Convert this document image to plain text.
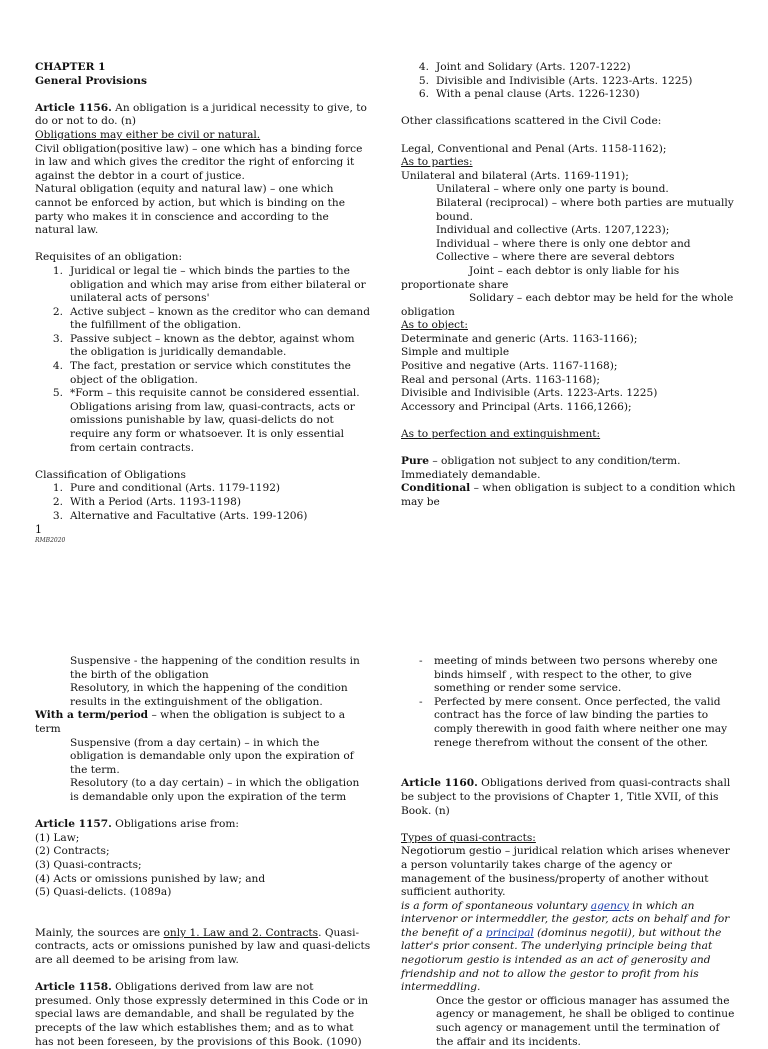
CHAPTER 1

General Provisions

Article 1156. An obligation is a juridical necessity to give, to do or not to do. (n)

Obligations may either be civil or natural.

Civil obligation(positive law) – one which has a binding force in law and which gives the creditor the right of enforcing it against the debtor in a court of justice.

Natural obligation (equity and natural law) – one which cannot be enforced by action, but which is binding on the party who makes it in conscience and according to the natural law.

Requisites of an obligation:

1. Juridical or legal tie – which binds the parties to the obligation and which may arise from either bilateral or unilateral acts of persons'
2. Active subject – known as the creditor who can demand the fulfillment of the obligation.
3. Passive subject – known as the debtor, against whom the obligation is juridically demandable.
4. The fact, prestation or service which constitutes the object of the obligation.
5. *Form – this requisite cannot be considered essential. Obligations arising from law, quasi-contracts, acts or omissions punishable by law, quasi-delicts do not require any form or whatsoever. It is only essential from certain contracts.

Classification of Obligations

1. Pure and conditional (Arts. 1179-1192)
2. With a Period (Arts. 1193-1198)
3. Alternative and Facultative (Arts. 199-1206)
4. Joint and Solidary (Arts. 1207-1222)
5. Divisible and Indivisible (Arts. 1223-Arts. 1225)
6. With a penal clause (Arts. 1226-1230)

Other classifications scattered in the Civil Code:

Legal, Conventional and Penal (Arts. 1158-1162);

As to parties:

Unilateral and bilateral (Arts. 1169-1191);

Unilateral – where only one party is bound.

Bilateral (reciprocal) – where both parties are mutually bound.

Individual and collective (Arts. 1207,1223);

Individual – where there is only one debtor and

Collective – where there are several debtors

Joint – each debtor is only liable for his proportionate share

Solidary – each debtor may be held for the whole obligation

As to object:

Determinate and generic (Arts. 1163-1166);

Simple and multiple

Positive and negative (Arts. 1167-1168);

Real and personal (Arts. 1163-1168);

Divisible and Indivisible (Arts. 1223-Arts. 1225)

Accessory and Principal (Arts. 1166,1266);

As to perfection and extinguishment:

Pure – obligation not subject to any condition/term. Immediately demandable.

Conditional – when obligation is subject to a condition which may be

1
RMB2020

Suspensive - the happening of the condition results in the birth of the obligation

Resolutory, in which the happening of the condition results in the extinguishment of the obligation.

With a term/period – when the obligation is subject to a term

Suspensive (from a day certain) – in which the obligation is demandable only upon the expiration of the term.

Resolutory (to a day certain) – in which the obligation is demandable only upon the expiration of the term

Article 1157. Obligations arise from:

(1) Law;

(2) Contracts;

(3) Quasi-contracts;

(4) Acts or omissions punished by law; and

(5) Quasi-delicts. (1089a)

Mainly, the sources are only 1. Law and 2. Contracts. Quasi-contracts, acts or omissions punished by law and quasi-delicts are all deemed to be arising from law.

Article 1158. Obligations derived from law are not presumed. Only those expressly determined in this Code or in special laws are demandable, and shall be regulated by the precepts of the law which establishes them; and as to what has not been foreseen, by the provisions of this Book. (1090)

-	meeting of minds between two persons whereby one binds himself , with respect to the other, to give something or render some service.
-	Perfected by mere consent. Once perfected, the valid contract has the force of law binding the parties to comply therewith in good faith where neither one may renege therefrom without the consent of the other.

Article 1160. Obligations derived from quasi-contracts shall be subject to the provisions of Chapter 1, Title XVII, of this Book. (n)

Types of quasi-contracts:

Negotiorum gestio – juridical relation which arises whenever a person voluntarily takes charge of the agency or management of the business/property of another without sufficient authority.

is a form of spontaneous voluntary agency in which an intervenor or intermeddler, the gestor, acts on behalf and for the benefit of a principal (dominus negotii), but without the latter's prior consent. The underlying principle being that negotiorum gestio is intended as an act of generosity and friendship and not to allow the gestor to profit from his intermeddling.

Once the gestor or officious manager has assumed the agency or management, he shall be obliged to continue such agency or management until the termination of the affair and its incidents.
